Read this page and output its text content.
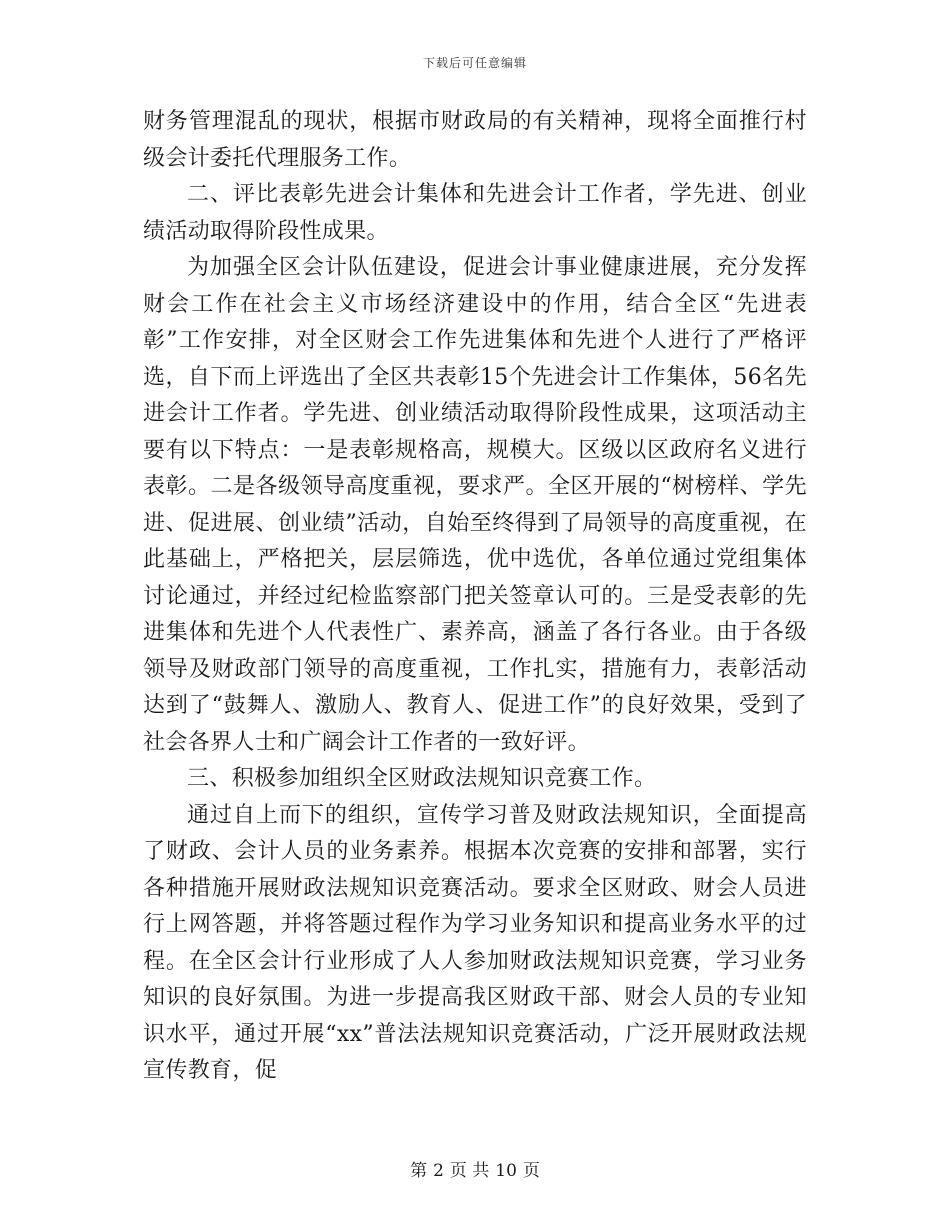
下载后可任意编辑

财务管理混乱的现状，根据市财政局的有关精神，现将全面推行村级会计委托代理服务工作。

二、评比表彰先进会计集体和先进会计工作者，学先进、创业绩活动取得阶段性成果。

为加强全区会计队伍建设，促进会计事业健康进展，充分发挥财会工作在社会主义市场经济建设中的作用，结合全区“先进表彰”工作安排，对全区财会工作先进集体和先进个人进行了严格评选，自下而上评选出了全区共表彰15个先进会计工作集体，56名先进会计工作者。学先进、创业绩活动取得阶段性成果，这项活动主要有以下特点：一是表彰规格高，规模大。区级以区政府名义进行表彰。二是各级领导高度重视，要求严。全区开展的“树榜样、学先进、促进展、创业绩”活动，自始至终得到了局领导的高度重视，在此基础上，严格把关，层层筛选，优中选优，各单位通过党组集体讨论通过，并经过纪检监察部门把关签章认可的。三是受表彰的先进集体和先进个人代表性广、素养高，涵盖了各行各业。由于各级领导及财政部门领导的高度重视，工作扎实，措施有力，表彰活动达到了“鼓舞人、激励人、教育人、促进工作”的良好效果，受到了社会各界人士和广阔会计工作者的一致好评。

三、积极参加组织全区财政法规知识竞赛工作。

通过自上而下的组织，宣传学习普及财政法规知识，全面提高了财政、会计人员的业务素养。根据本次竞赛的安排和部署，实行各种措施开展财政法规知识竞赛活动。要求全区财政、财会人员进行上网答题，并将答题过程作为学习业务知识和提高业务水平的过程。在全区会计行业形成了人人参加财政法规知识竞赛，学习业务知识的良好氛围。为进一步提高我区财政干部、财会人员的专业知识水平，通过开展“xx”普法法规知识竞赛活动，广泛开展财政法规宣传教育，促

第 2 页 共 10 页
